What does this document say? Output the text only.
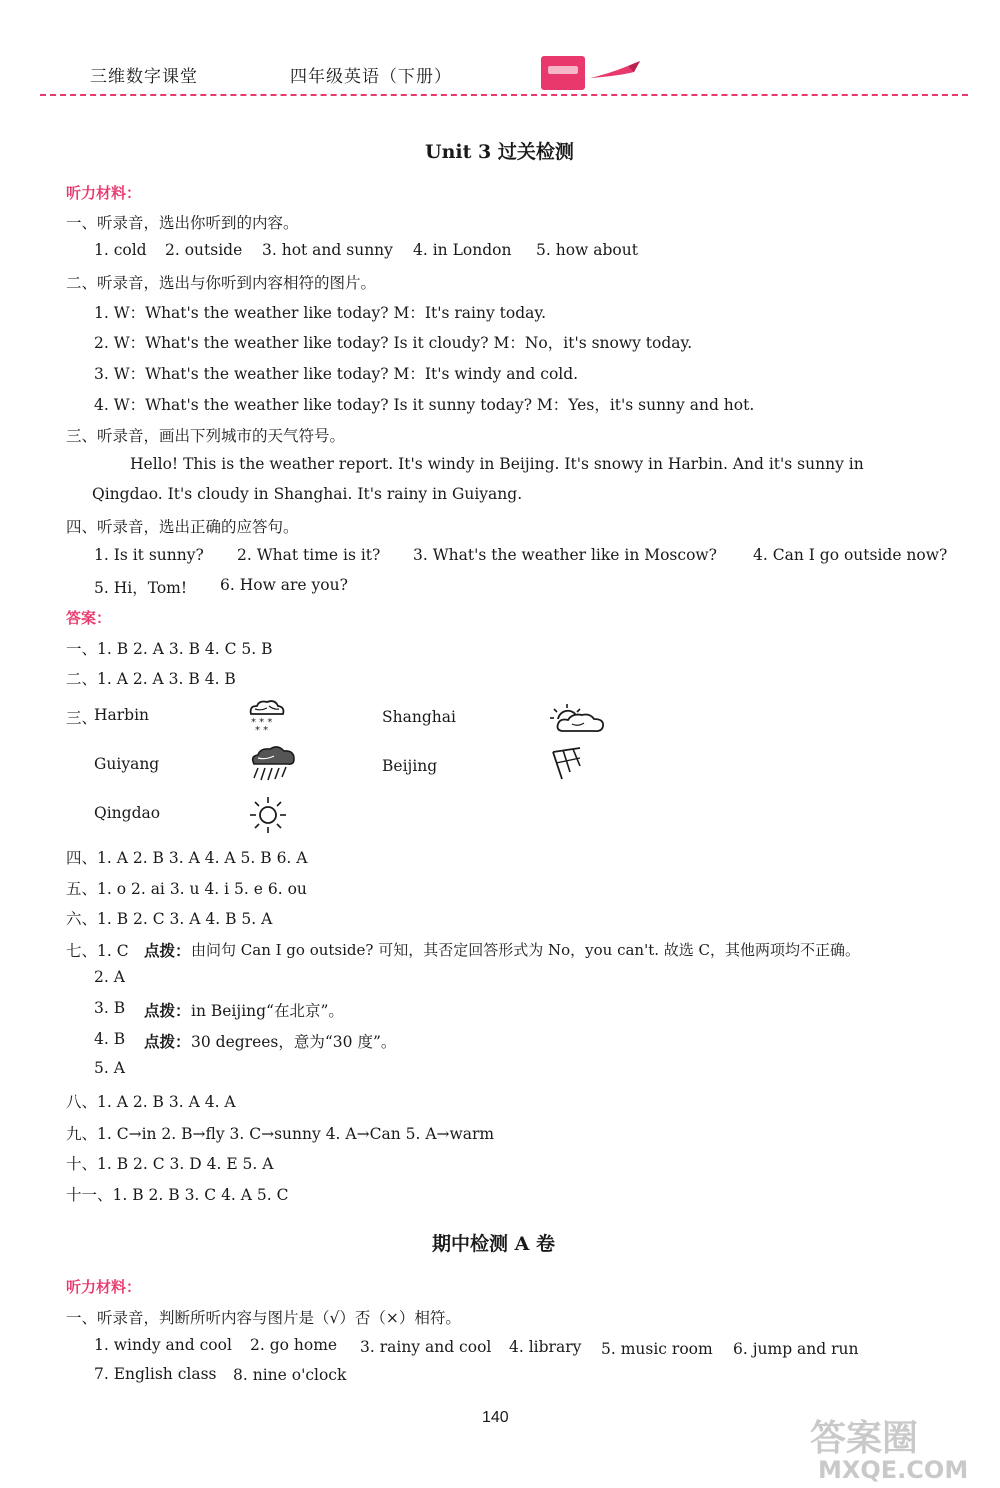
三维数字课堂	四年级英语（下册）
Unit 3 过关检测
听力材料：
一、听录音，选出你听到的内容。
1. cold 2. outside 3. hot and sunny 4. in London 5. how about
二、听录音，选出与你听到内容相符的图片。
1. W：What's the weather like today? M：It's rainy today.
2. W：What's the weather like today? Is it cloudy? M：No，it's snowy today.
3. W：What's the weather like today? M：It's windy and cold.
4. W：What's the weather like today? Is it sunny today? M：Yes，it's sunny and hot.
三、听录音，画出下列城市的天气符号。
Hello! This is the weather report. It's windy in Beijing. It's snowy in Harbin. And it's sunny in
Qingdao. It's cloudy in Shanghai. It's rainy in Guiyang.
四、听录音，选出正确的应答句。
1. Is it sunny? 2. What time is it? 3. What's the weather like in Moscow? 4. Can I go outside now?
5. Hi，Tom! 6. How are you?
答案：
一、1. B 2. A 3. B 4. C 5. B
二、1. A 2. A 3. B 4. B
三、
Harbin	Shanghai
Guiyang	Beijing
Qingdao
* * *
* *
四、1. A 2. B 3. A 4. A 5. B 6. A
五、1. o 2. ai 3. u 4. i 5. e 6. ou
六、1. B 2. C 3. A 4. B 5. A
七、1. C 点拨： 由问句 Can I go outside? 可知，其否定回答形式为 No，you can't. 故选 C，其他两项均不正确。
2. A
3. B 点拨： in Beijing“在北京”。
4. B 点拨： 30 degrees，意为“30 度”。
5. A
八、1. A 2. B 3. A 4. A
九、1. C→in 2. B→fly 3. C→sunny 4. A→Can 5. A→warm
十、1. B 2. C 3. D 4. E 5. A
十一、1. B 2. B 3. C 4. A 5. C
期中检测 A 卷
听力材料：
一、听录音，判断所听内容与图片是（√）否（×）相符。
1. windy and cool 2. go home 3. rainy and cool 4. library 5. music room 6. jump and run
7. English class 8. nine o'clock
140
答案圈
MXQE.COM
